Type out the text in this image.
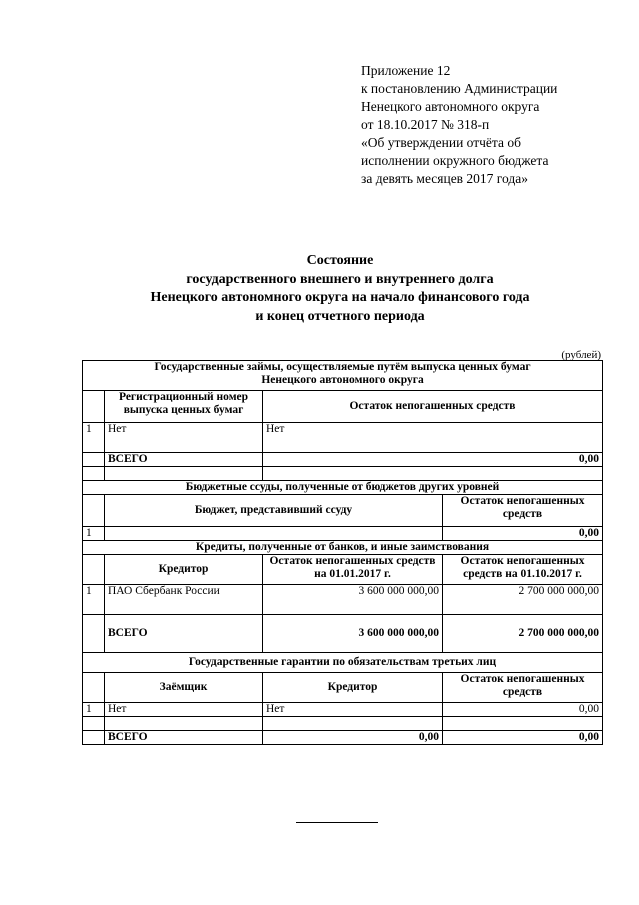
Приложение 12
к постановлению Администрации
Ненецкого автономного округа
от 18.10.2017 № 318-п
«Об утверждении отчёта об
исполнении окружного бюджета
за девять месяцев 2017 года»
Состояние
государственного внешнего и внутреннего долга
Ненецкого автономного округа на начало финансового года
и конец отчетного периода
(рублей)
Государственные займы, осуществляемые путём выпуска ценных бумаг
Ненецкого автономного округа			

	Регистрационный номер выпуска ценных бумаг	Остаток непогашенных средств	
1	Нет	Нет	
	ВСЕГО	0,00	

Бюджетные ссуды, полученные от бюджетов других уровней			
	Бюджет, представивший ссуду		Остаток непогашенных средств
1			0,00
Кредиты, полученные от банков, и иные заимствования			
	Кредитор	Остаток непогашенных средств на 01.01.2017 г.	Остаток непогашенных средств на 01.10.2017 г.
1	ПАО Сбербанк России	3 600 000 000,00	2 700 000 000,00
	ВСЕГО	3 600 000 000,00	2 700 000 000,00
Государственные гарантии по обязательствам третьих лиц			
	Заёмщик	Кредитор	Остаток непогашенных средств
1	Нет	Нет	0,00

	ВСЕГО	0,00	0,00
